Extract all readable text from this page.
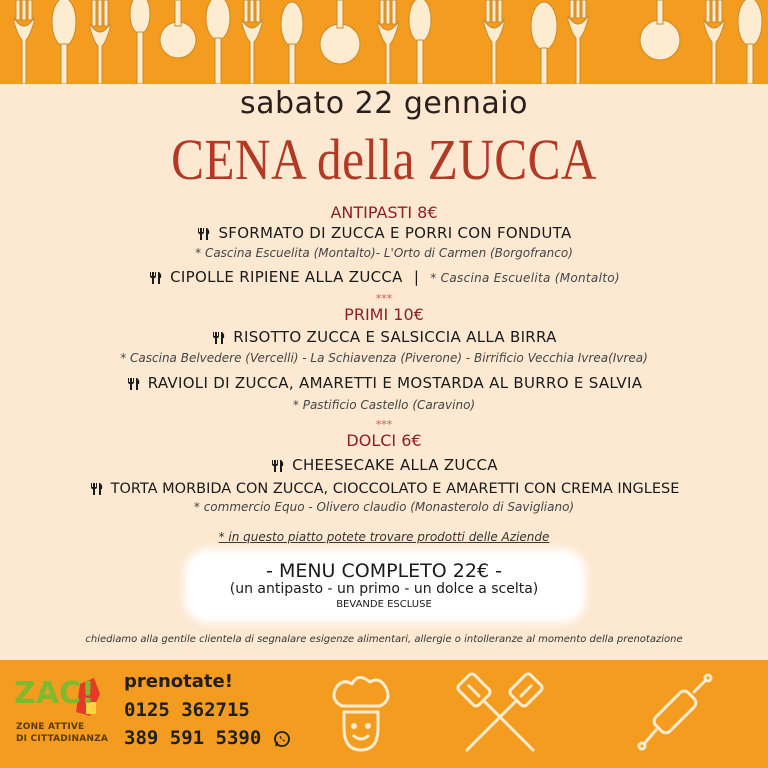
sabato 22 gennaio
CENA della ZUCCA
ANTIPASTI 8€
SFORMATO DI ZUCCA E PORRI CON FONDUTA
* Cascina Escuelita (Montalto)- L'Orto di Carmen (Borgofranco)
CIPOLLE RIPIENE ALLA ZUCCA | * Cascina Escuelita (Montalto)
***
PRIMI 10€
RISOTTO ZUCCA E SALSICCIA ALLA BIRRA
* Cascina Belvedere (Vercelli) - La Schiavenza (Piverone) - Birrificio Vecchia Ivrea(Ivrea)
RAVIOLI DI ZUCCA, AMARETTI E MOSTARDA AL BURRO E SALVIA
* Pastificio Castello (Caravino)
***
DOLCI 6€
CHEESECAKE ALLA ZUCCA
TORTA MORBIDA CON ZUCCA, CIOCCOLATO E AMARETTI CON CREMA INGLESE
* commercio Equo - Olivero claudio (Monasterolo di Savigliano)
* in questo piatto potete trovare prodotti delle Aziende
- MENU COMPLETO 22€ -
(un antipasto - un primo - un dolce a scelta)
BEVANDE ESCLUSE
chiediamo alla gentile clientela di segnalare esigenze alimentari, allergie o intolleranze al momento della prenotazione
ZAC!
ZONE ATTIVE
DI CITTADINANZA
prenotate!
0125 362715
389 591 5390
